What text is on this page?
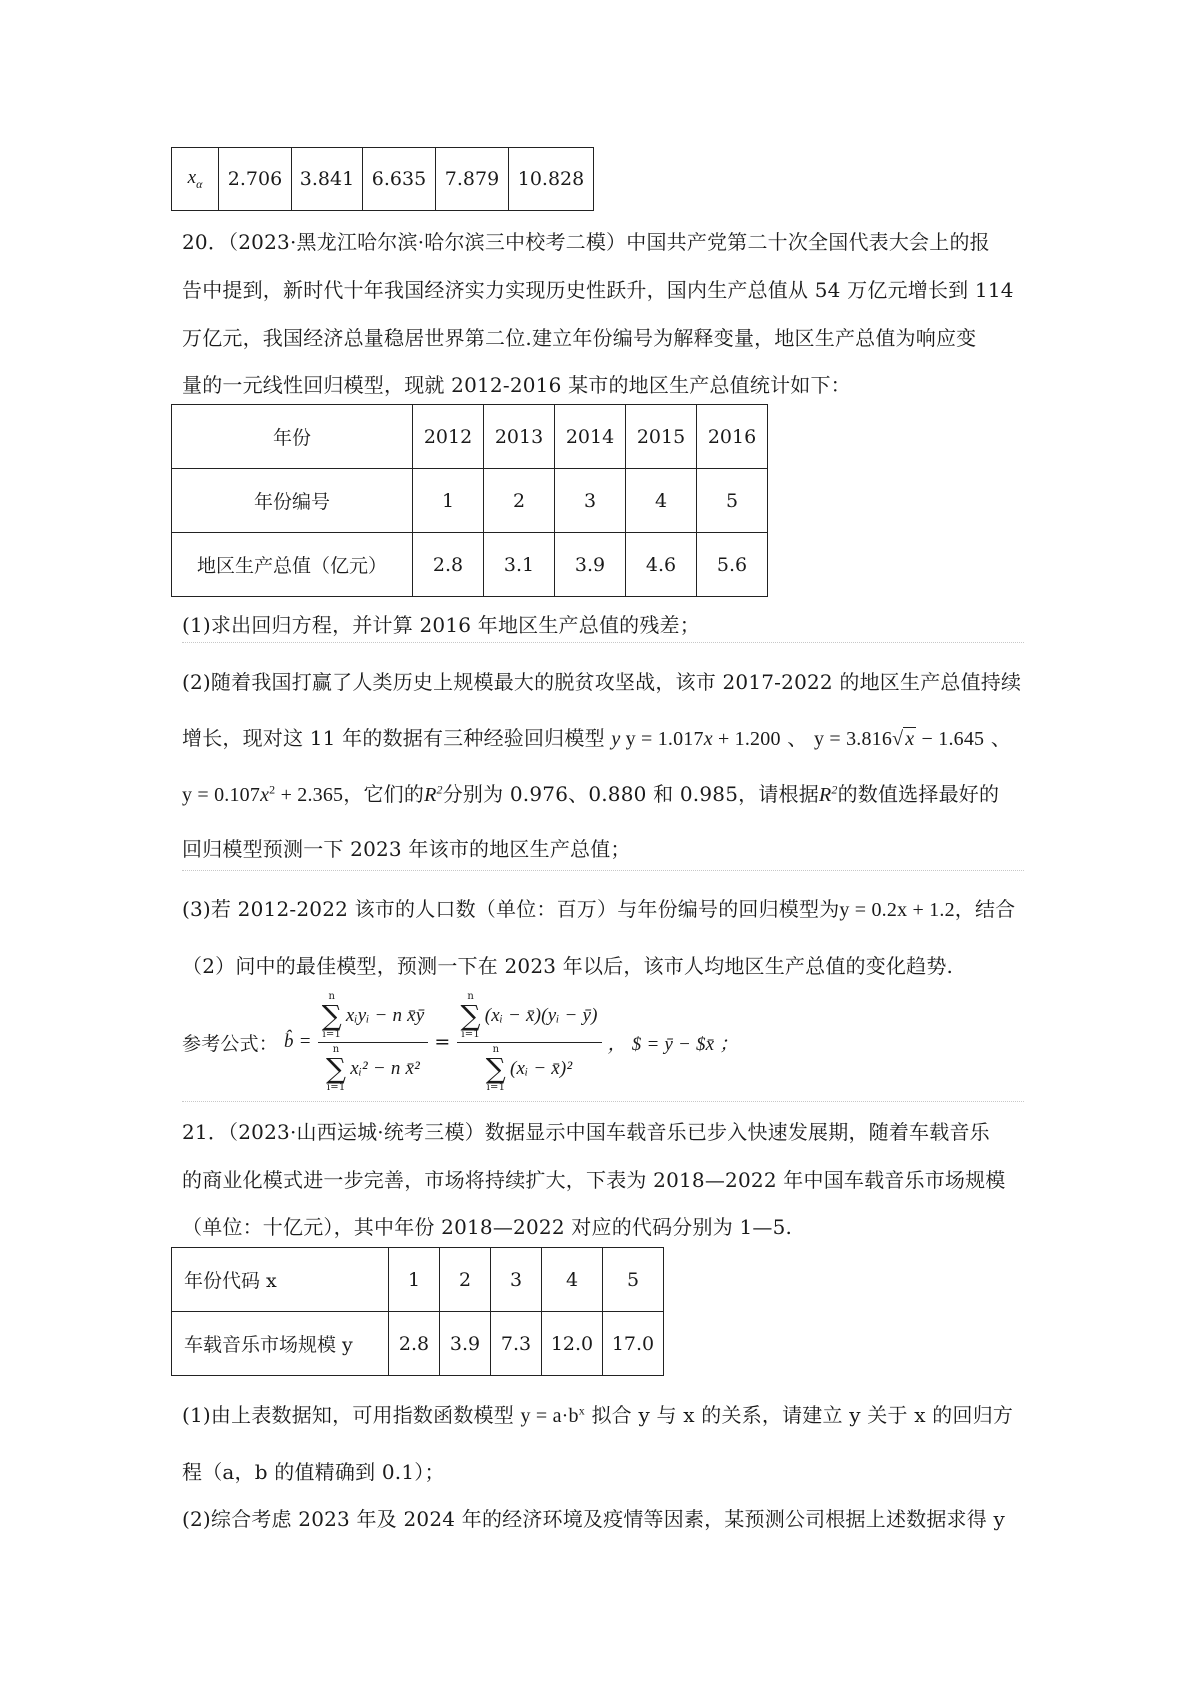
$x_\alpha$	2.706	3.841	6.635	7.879	10.828
20．（2023·黑龙江哈尔滨·哈尔滨三中校考二模）中国共产党第二十次全国代表大会上的报
告中提到，新时代十年我国经济实力实现历史性跃升，国内生产总值从 54 万亿元增长到 114
万亿元，我国经济总量稳居世界第二位.建立年份编号为解释变量，地区生产总值为响应变
量的一元线性回归模型，现就 2012-2016 某市的地区生产总值统计如下：
年份	2012	2013	2014	2015	2016
年份编号	1	2	3	4	5
地区生产总值（亿元）	2.8	3.1	3.9	4.6	5.6
(1)求出回归方程，并计算 2016 年地区生产总值的残差；
(2)随着我国打赢了人类历史上规模最大的脱贫攻坚战，该市 2017-2022 的地区生产总值持续
增长，现对这 11 年的数据有三种经验回归模型 y y = 1.017x + 1.200 、 y = 3.816√ x − 1.645 、
$y = 0.107x^2 + 2.365$，它们的$R^2$分别为 0.976、0.880 和 0.985，请根据$R^2$的数值选择最好的
回归模型预测一下 2023 年该市的地区生产总值；
(3)若 2012-2022 该市的人口数（单位：百万）与年份编号的回归模型为y = 0.2x + 1.2，结合
（2）问中的最佳模型，预测一下在 2023 年以后，该市人均地区生产总值的变化趋势.
参考公式： b̂ = n
∑
i=1
xᵢyᵢ − n x̄ȳ
n
∑
i=1
xᵢ² − n x̄² = n
∑
i=1
(xᵢ − x̄)(yᵢ − ȳ)
n
∑
i=1
(xᵢ − x̄)² ， $ = ȳ − $x̄ ；
21．（2023·山西运城·统考三模）数据显示中国车载音乐已步入快速发展期，随着车载音乐
的商业化模式进一步完善，市场将持续扩大，下表为 2018—2022 年中国车载音乐市场规模
（单位：十亿元），其中年份 2018—2022 对应的代码分别为 1—5.
年份代码 x	1	2	3	4	5
车载音乐市场规模 y	2.8	3.9	7.3	12.0	17.0
(1)由上表数据知，可用指数函数模型 $y = a\cdot b^x$ 拟合 y 与 x 的关系，请建立 y 关于 x 的回归方
程（a，b 的值精确到 0.1）；
(2)综合考虑 2023 年及 2024 年的经济环境及疫情等因素，某预测公司根据上述数据求得 y
